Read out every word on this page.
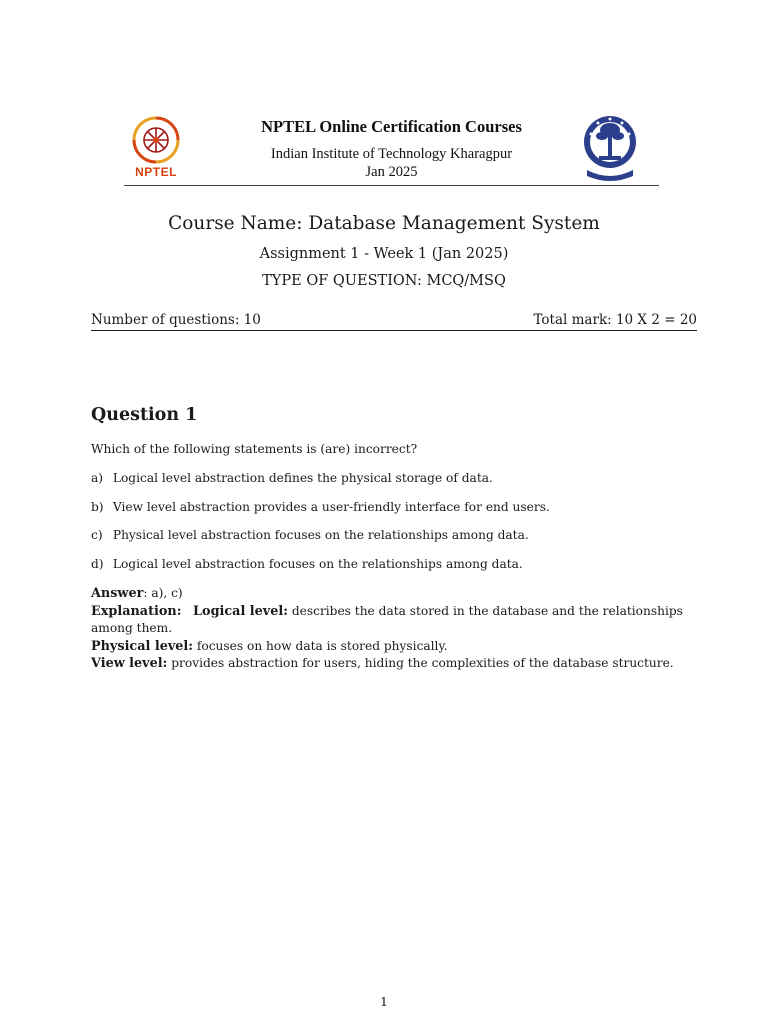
NPTEL
NPTEL Online Certification Courses
Indian Institute of Technology Kharagpur
Jan 2025
Course Name: Database Management System
Assignment 1 - Week 1 (Jan 2025)
TYPE OF QUESTION: MCQ/MSQ
Number of questions: 10	Total mark: 10 X 2 = 20
Question 1
Which of the following statements is (are) incorrect?
a) Logical level abstraction defines the physical storage of data.
b) View level abstraction provides a user-friendly interface for end users.
c) Physical level abstraction focuses on the relationships among data.
d) Logical level abstraction focuses on the relationships among data.

Answer: a), c)

Explanation: Logical level: describes the data stored in the database and the relationships among them.

Physical level: focuses on how data is stored physically.

View level: provides abstraction for users, hiding the complexities of the database structure.

1
